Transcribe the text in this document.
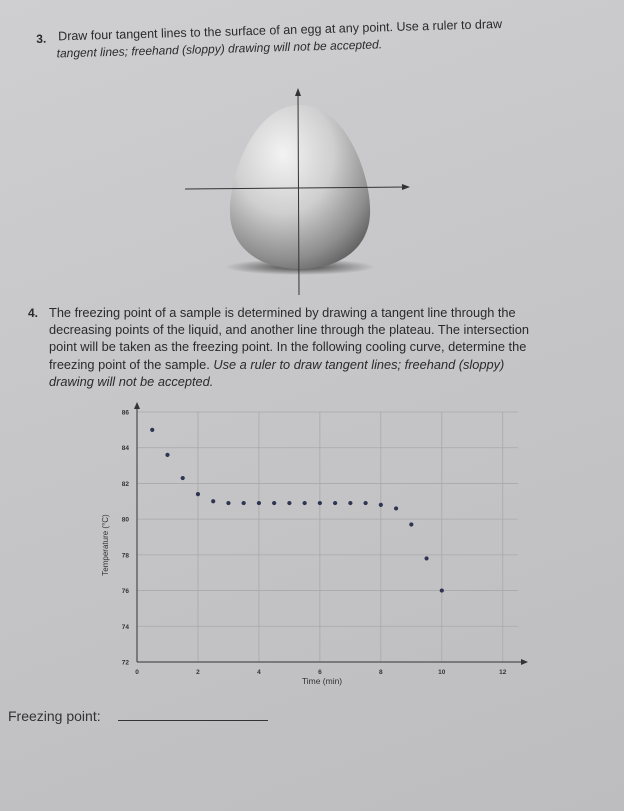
3. Draw four tangent lines to the surface of an egg at any point. Use a ruler to draw
tangent lines; freehand (sloppy) drawing will not be accepted.
4. The freezing point of a sample is determined by drawing a tangent line through the
decreasing points of the liquid, and another line through the plateau. The intersection
point will be taken as the freezing point. In the following cooling curve, determine the
freezing point of the sample. Use a ruler to draw tangent lines; freehand (sloppy)
drawing will not be accepted.
72
74
76
78
80
82
84
86
0	2	4	6	8	10	12
Temperature (°C)
Time (min)
Freezing point:
